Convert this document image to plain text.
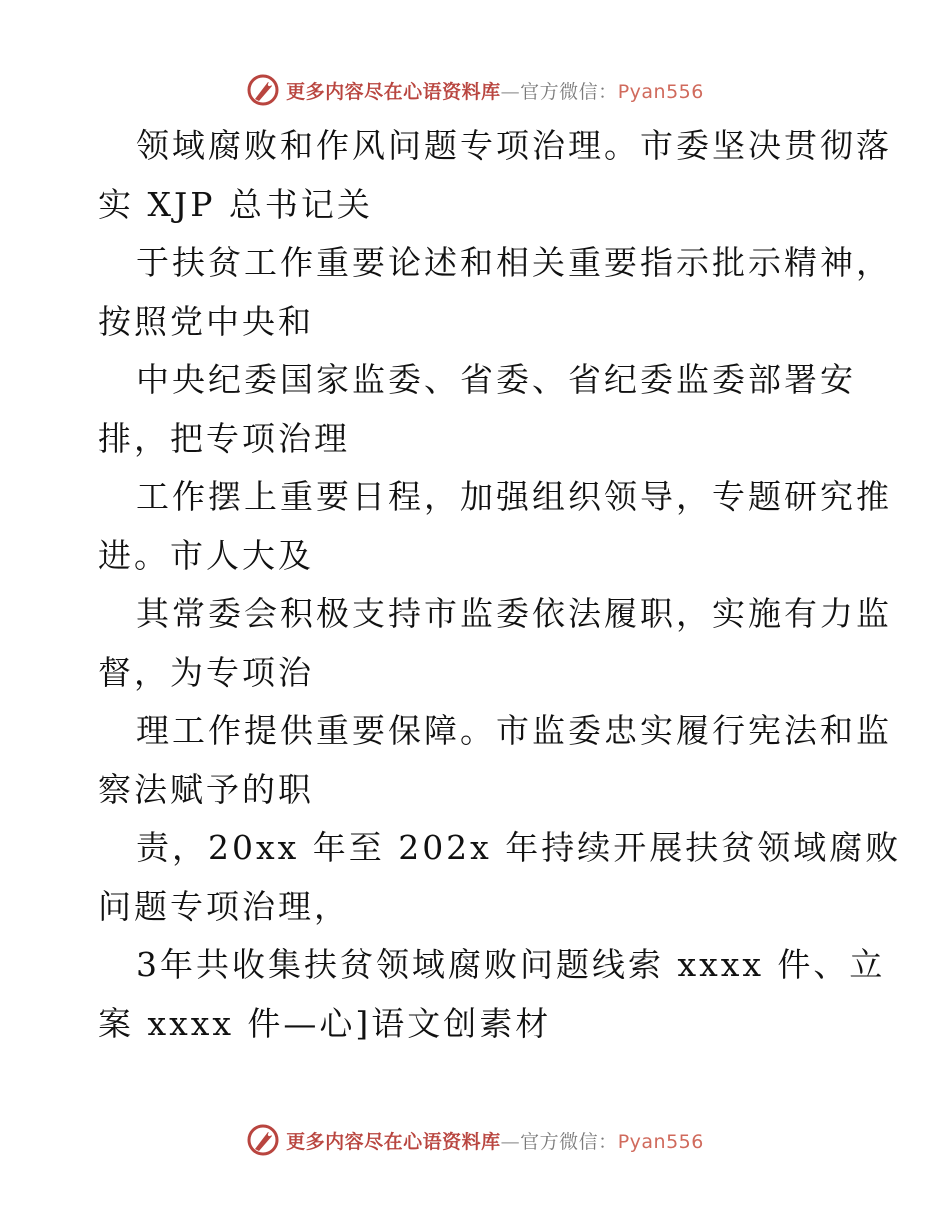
更多内容尽在心语资料库—官方微信：Pyan556

领域腐败和作风问题专项治理。市委坚决贯彻落
实 XJP 总书记关

于扶贫工作重要论述和相关重要指示批示精神，
按照党中央和

中央纪委国家监委、省委、省纪委监委部署安
排，把专项治理

工作摆上重要日程，加强组织领导，专题研究推
进。市人大及

其常委会积极支持市监委依法履职，实施有力监
督，为专项治

理工作提供重要保障。市监委忠实履行宪法和监
察法赋予的职

责，20xx 年至 202x 年持续开展扶贫领域腐败
问题专项治理，

3年共收集扶贫领域腐败问题线索 xxxx 件、立
案 xxxx 件—心]语文创素材

更多内容尽在心语资料库—官方微信：Pyan556
